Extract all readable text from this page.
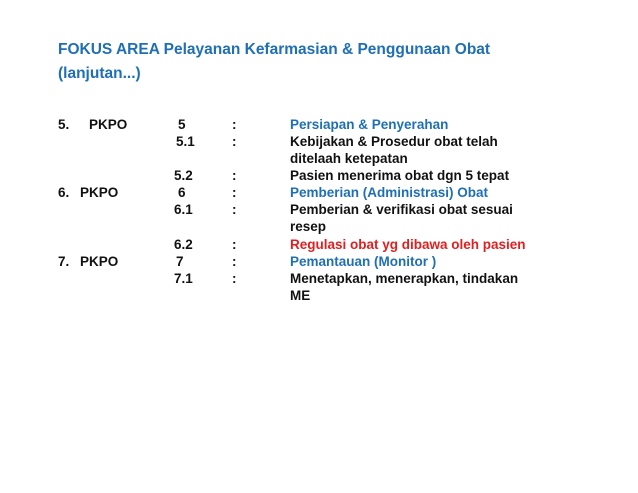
FOKUS AREA Pelayanan Kefarmasian & Penggunaan Obat
(lanjutan...)
5. PKPO	5	:	Persiapan & Penyerahan
5.1	:	Kebijakan & Prosedur obat telah
ditelaah ketepatan
5.2	:	Pasien menerima obat dgn 5 tepat
6. PKPO	6	:	Pemberian (Administrasi) Obat
6.1	:	Pemberian & verifikasi obat sesuai
resep
6.2	:	Regulasi obat yg dibawa oleh pasien
7. PKPO	7	:	Pemantauan (Monitor )
7.1	:	Menetapkan, menerapkan, tindakan
ME
